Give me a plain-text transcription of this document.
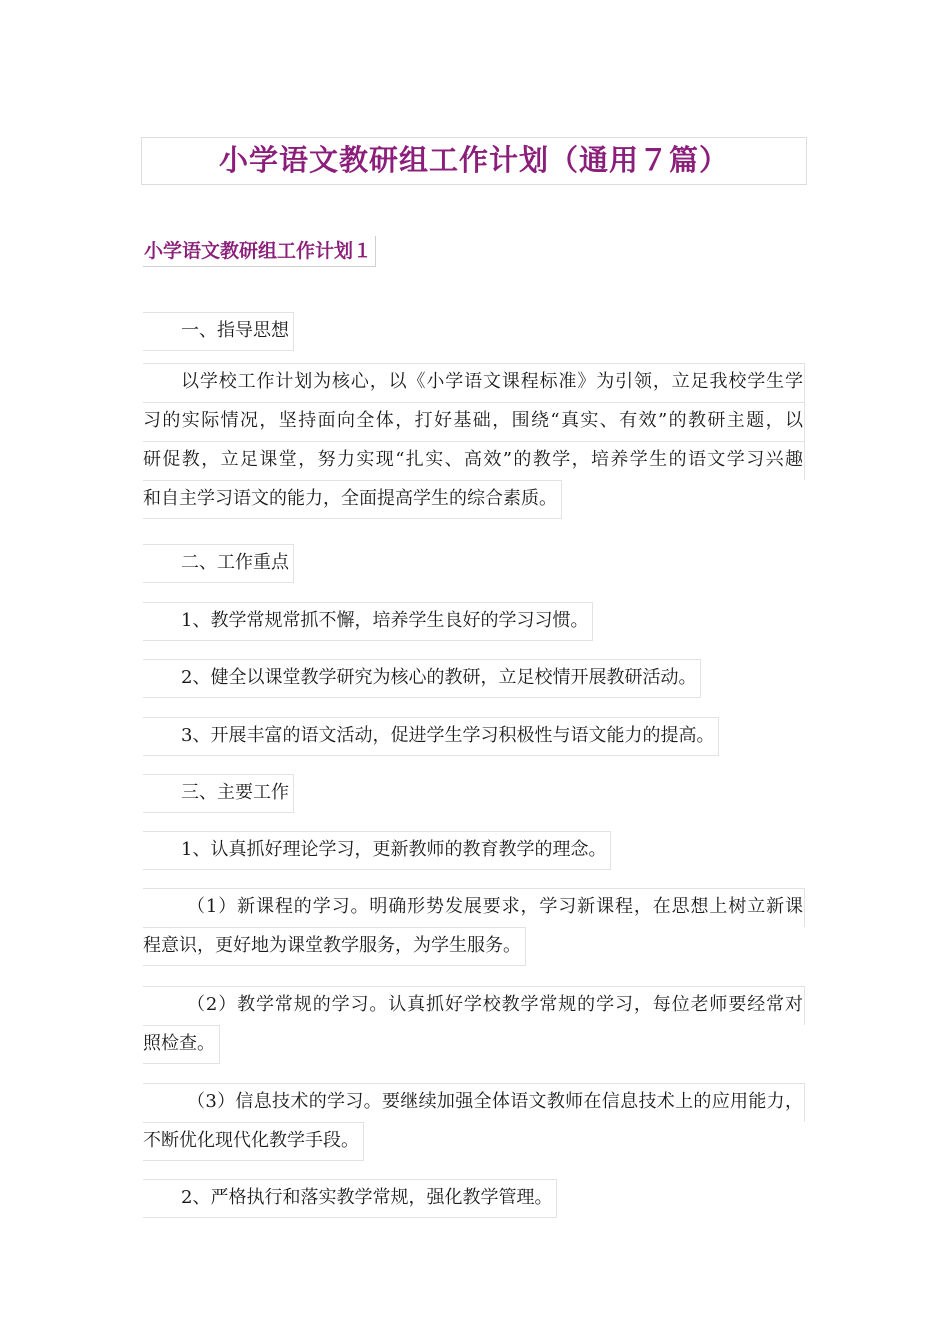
小学语文教研组工作计划（通用７篇）
小学语文教研组工作计划１
一、指导思想
以学校工作计划为核心，以《小学语文课程标准》为引领，立足我校学生学
习的实际情况，坚持面向全体，打好基础，围绕“真实、有效”的教研主题，以
研促教，立足课堂，努力实现“扎实、高效”的教学，培养学生的语文学习兴趣
和自主学习语文的能力，全面提高学生的综合素质。
二、工作重点
1、教学常规常抓不懈，培养学生良好的学习习惯。
2、健全以课堂教学研究为核心的教研，立足校情开展教研活动。
3、开展丰富的语文活动，促进学生学习积极性与语文能力的提高。
三、主要工作
1、认真抓好理论学习，更新教师的教育教学的理念。
（1）新课程的学习。明确形势发展要求，学习新课程，在思想上树立新课
程意识，更好地为课堂教学服务，为学生服务。
（2）教学常规的学习。认真抓好学校教学常规的学习，每位老师要经常对
照检查。
（3）信息技术的学习。要继续加强全体语文教师在信息技术上的应用能力，
不断优化现代化教学手段。
2、严格执行和落实教学常规，强化教学管理。
